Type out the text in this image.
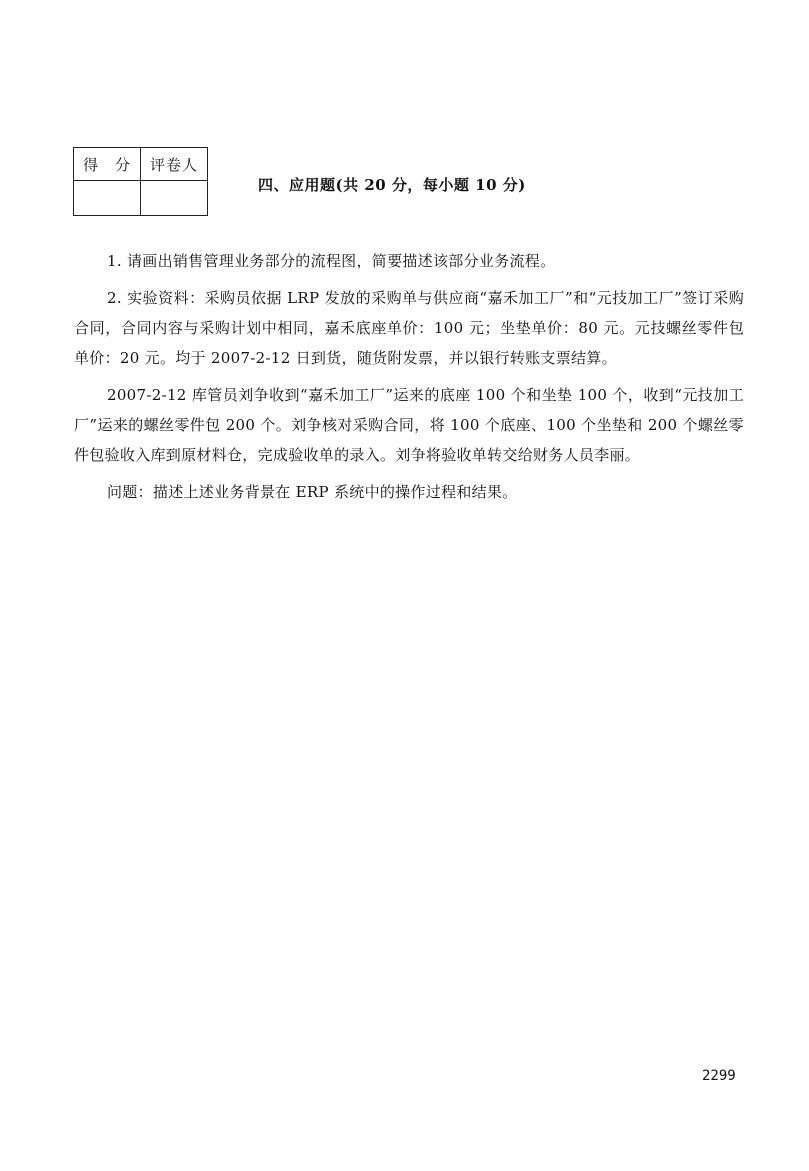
得　分	评卷人

四、应用题(共 20 分，每小题 10 分)

1. 请画出销售管理业务部分的流程图，简要描述该部分业务流程。

2. 实验资料：采购员依据 LRP 发放的采购单与供应商“嘉禾加工厂”和“元技加工厂”签订采购合同，合同内容与采购计划中相同，嘉禾底座单价：100 元；坐垫单价：80 元。元技螺丝零件包单价：20 元。均于 2007-2-12 日到货，随货附发票，并以银行转账支票结算。

2007-2-12 库管员刘争收到“嘉禾加工厂”运来的底座 100 个和坐垫 100 个，收到“元技加工厂”运来的螺丝零件包 200 个。刘争核对采购合同，将 100 个底座、100 个坐垫和 200 个螺丝零件包验收入库到原材料仓，完成验收单的录入。刘争将验收单转交给财务人员李丽。

问题：描述上述业务背景在 ERP 系统中的操作过程和结果。

2299
